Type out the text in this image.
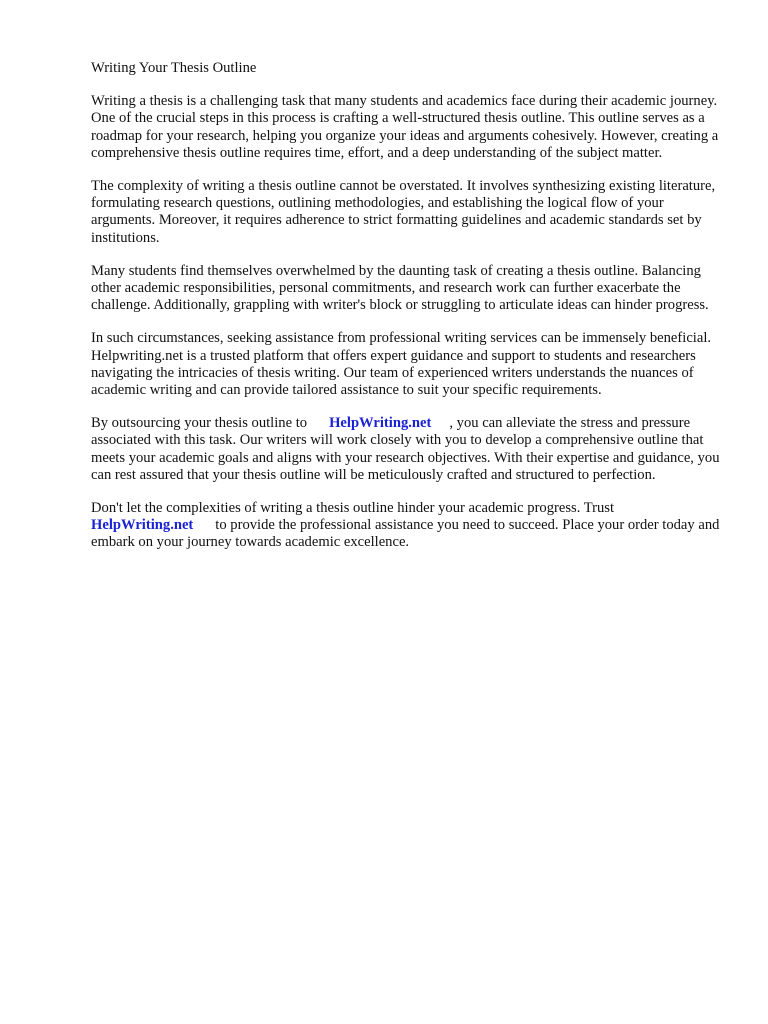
Writing Your Thesis Outline

Writing a thesis is a challenging task that many students and academics face during their academic journey. One of the crucial steps in this process is crafting a well-structured thesis outline. This outline serves as a roadmap for your research, helping you organize your ideas and arguments cohesively. However, creating a comprehensive thesis outline requires time, effort, and a deep understanding of the subject matter.

The complexity of writing a thesis outline cannot be overstated. It involves synthesizing existing literature, formulating research questions, outlining methodologies, and establishing the logical flow of your arguments. Moreover, it requires adherence to strict formatting guidelines and academic standards set by institutions.

Many students find themselves overwhelmed by the daunting task of creating a thesis outline. Balancing other academic responsibilities, personal commitments, and research work can further exacerbate the challenge. Additionally, grappling with writer's block or struggling to articulate ideas can hinder progress.

In such circumstances, seeking assistance from professional writing services can be immensely beneficial. Helpwriting.net is a trusted platform that offers expert guidance and support to students and researchers navigating the intricacies of thesis writing. Our team of experienced writers understands the nuances of academic writing and can provide tailored assistance to suit your specific requirements.

By outsourcing your thesis outline to HelpWriting.net , you can alleviate the stress and pressure associated with this task. Our writers will work closely with you to develop a comprehensive outline that meets your academic goals and aligns with your research objectives. With their expertise and guidance, you can rest assured that your thesis outline will be meticulously crafted and structured to perfection.

Don't let the complexities of writing a thesis outline hinder your academic progress. Trust HelpWriting.net to provide the professional assistance you need to succeed. Place your order today and embark on your journey towards academic excellence.
